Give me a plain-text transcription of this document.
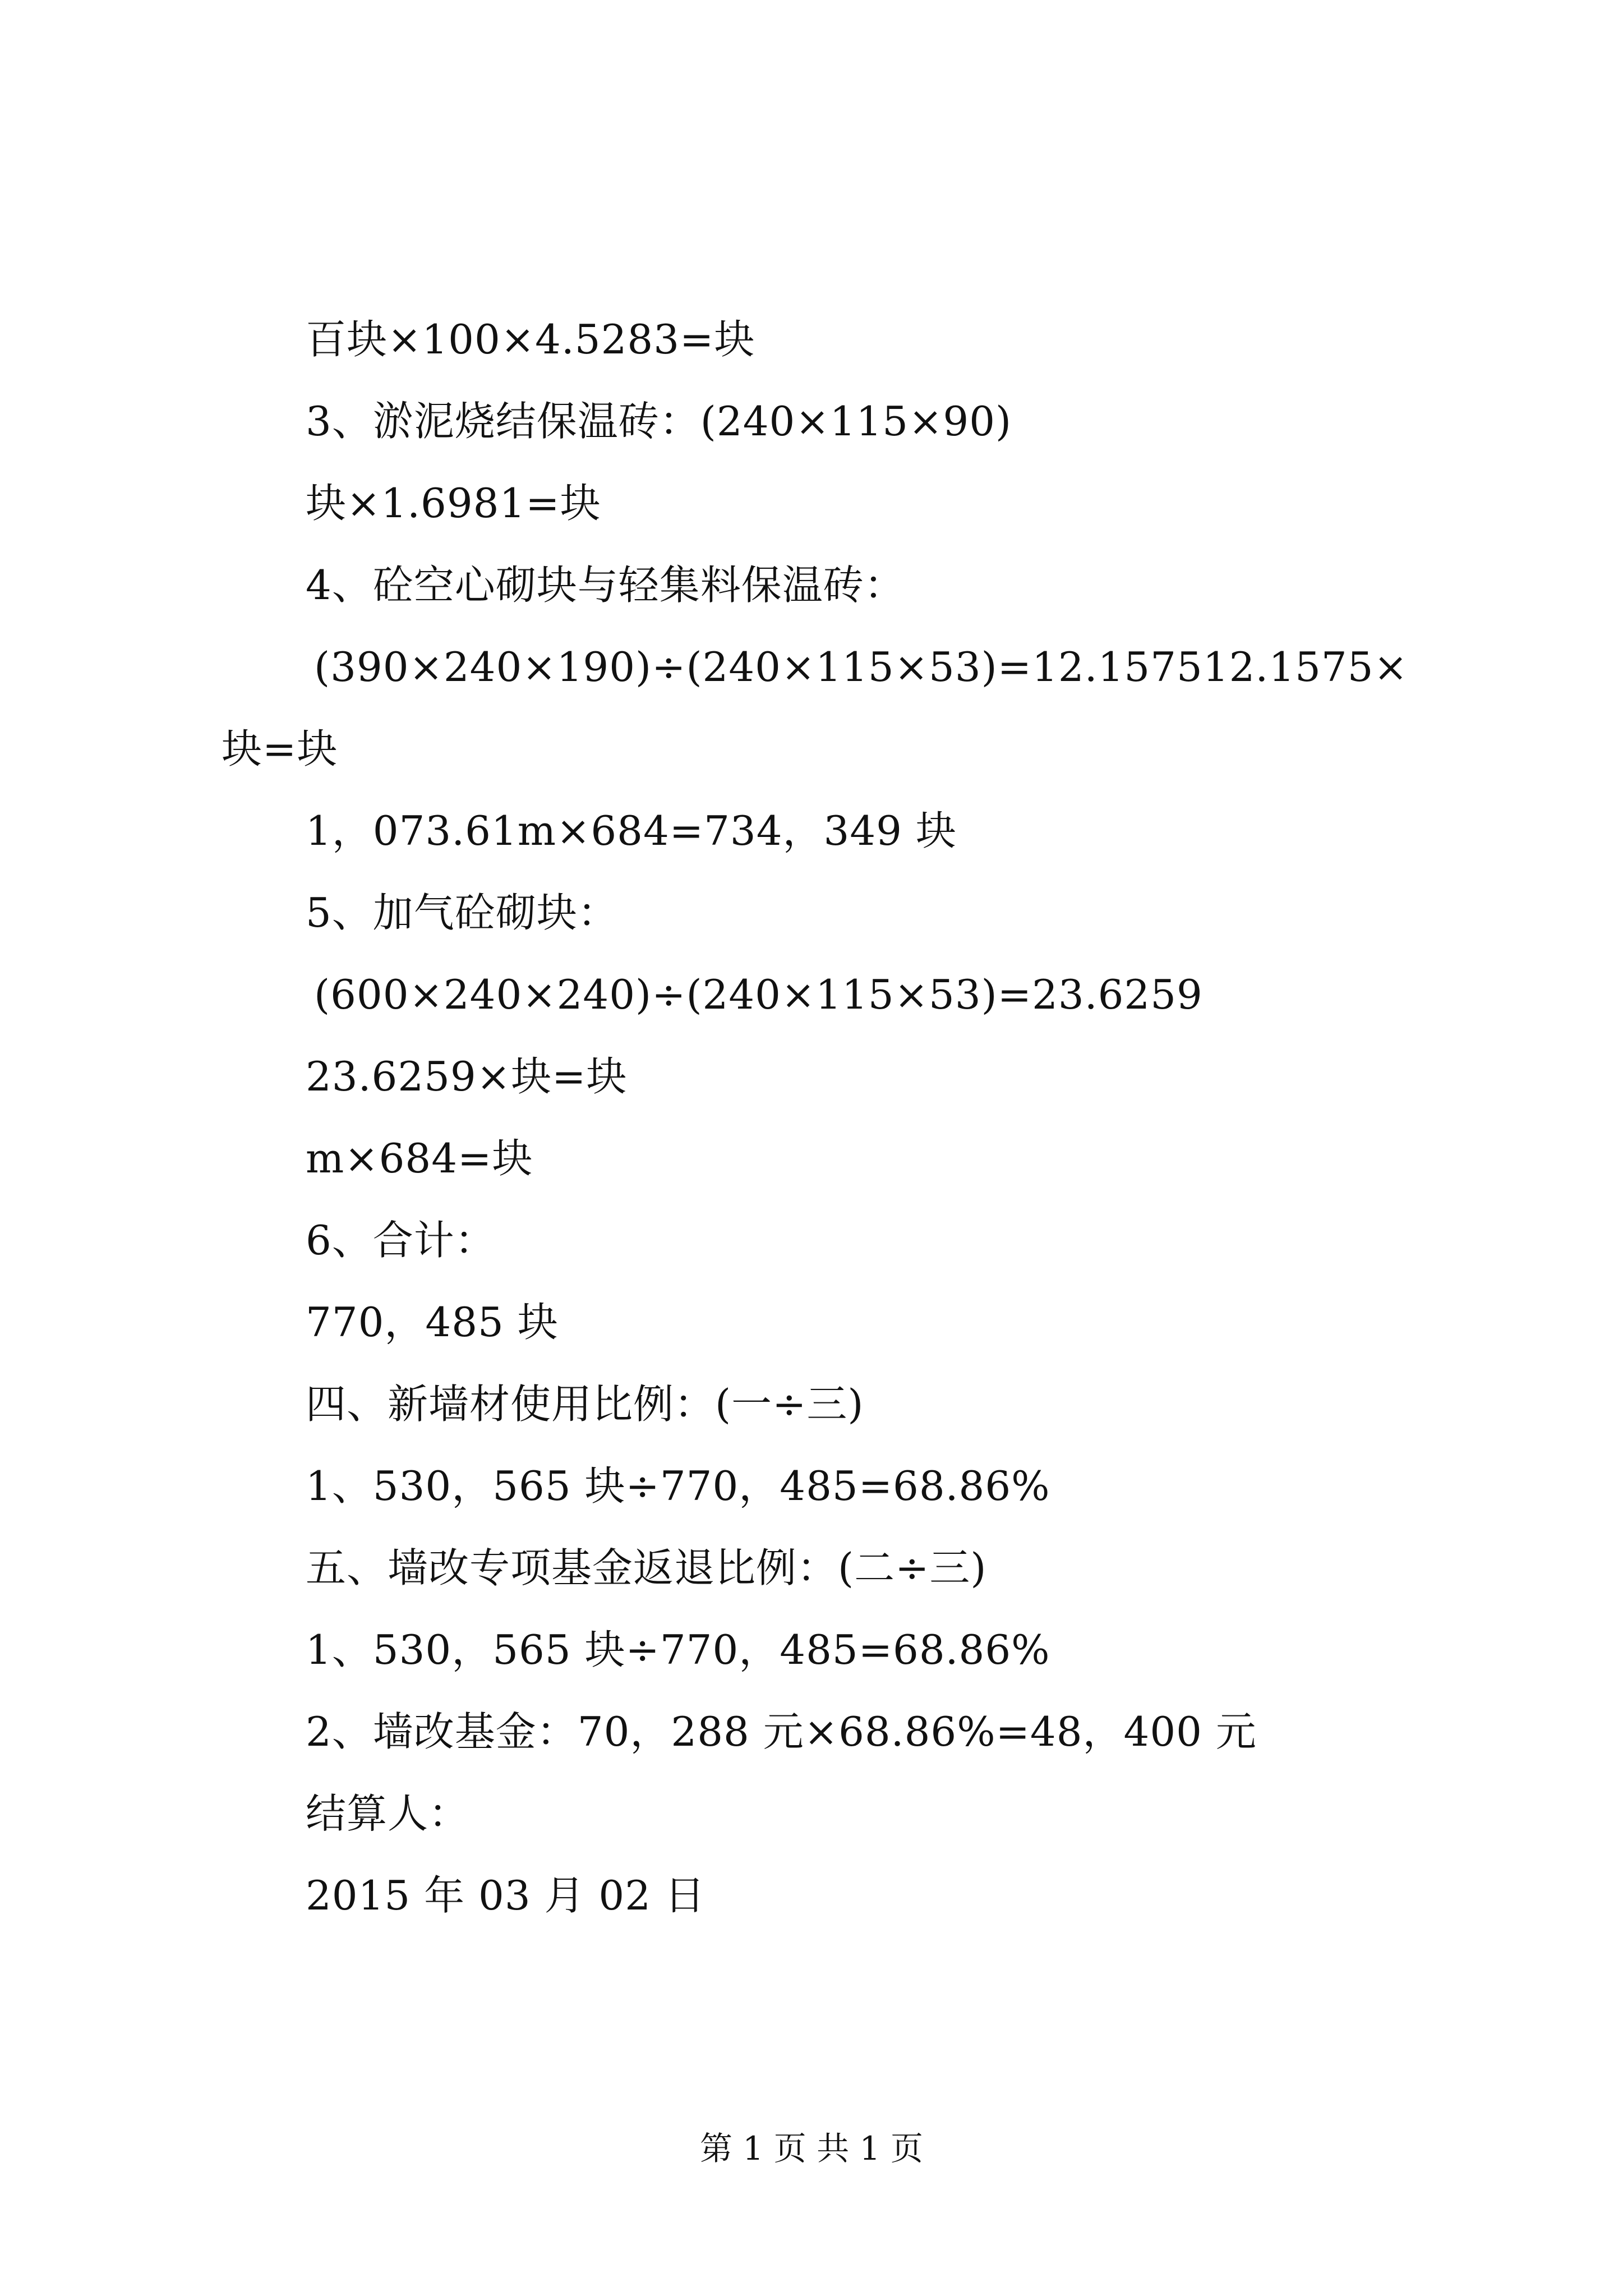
百块×100×4.5283=块
3、淤泥烧结保温砖：(240×115×90)
块×1.6981=块
4、砼空心砌块与轻集料保温砖：
(390×240×190)÷(240×115×53)=12.157512.1575×
块=块
1，073.61m×684=734，349 块
5、加气砼砌块：
(600×240×240)÷(240×115×53)=23.6259
23.6259×块=块
m×684=块
6、合计：
770，485 块
四、新墙材使用比例：(一÷三)
1、530，565 块÷770，485=68.86%
五、墙改专项基金返退比例：(二÷三)
1、530，565 块÷770，485=68.86%
2、墙改基金：70，288 元×68.86%=48，400 元
结算人：
2015 年 03 月 02 日
第 1 页 共 1 页
